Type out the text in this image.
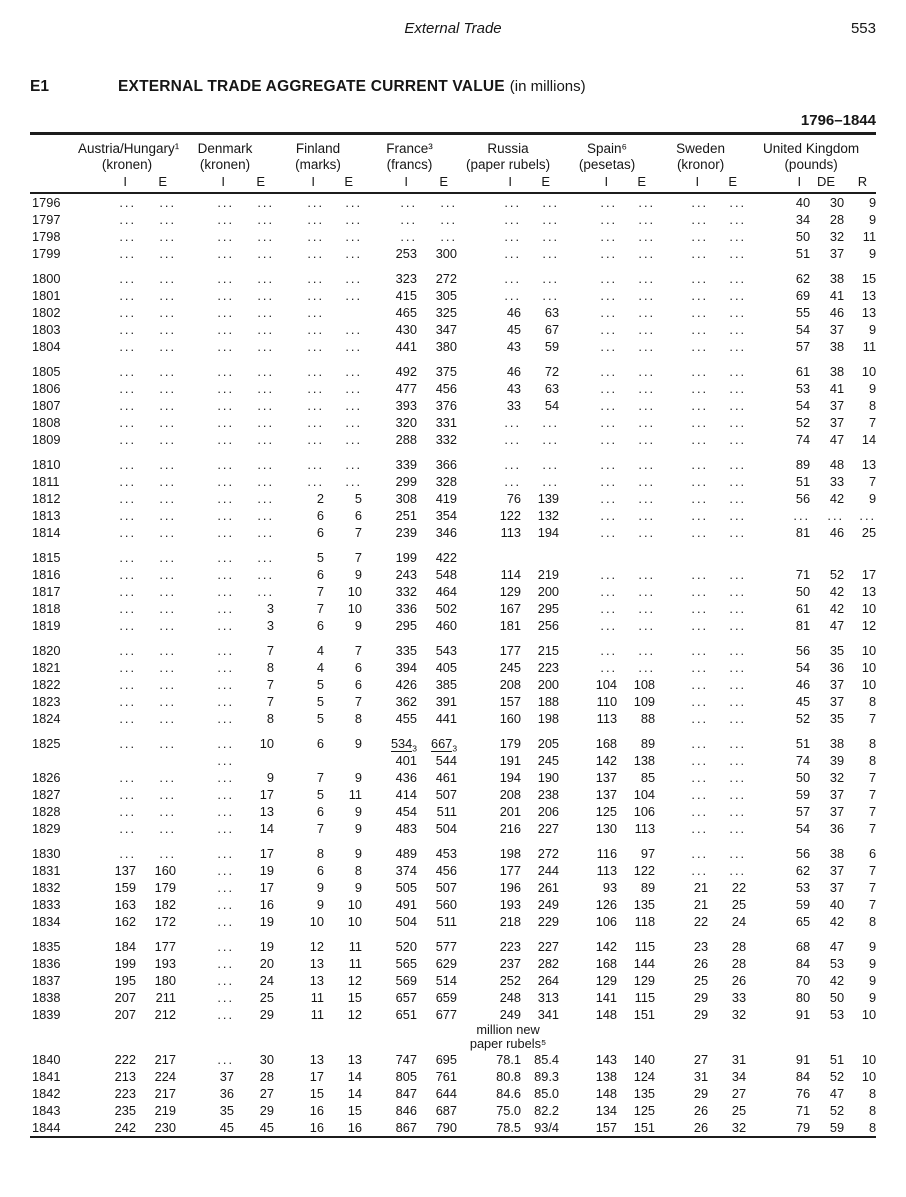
External Trade	553
E1	EXTERNAL TRADE AGGREGATE CURRENT VALUE (in millions)
1796–1844
	Austria/Hungary¹		Denmark		Finland		France³		Russia		Spain⁶		Sweden		United Kingdom		
	(kronen)		(kronen)		(marks)		(francs)		(paper rubels)		(pesetas)		(kronor)		(pounds)		
	I	E	I	E	I	E	I	E	I	E	I	E	I	E	I	DE	R
1796	...	...	...	...	...	...	...	...	...	...	...	...	...	...	40	30	9
1797	...	...	...	...	...	...	...	...	...	...	...	...	...	...	34	28	9
1798	...	...	...	...	...	...	...	...	...	...	...	...	...	...	50	32	11
1799	...	...	...	...	...	...	253	300	...	...	...	...	...	...	51	37	9
1800	...	...	...	...	...	...	323	272	...	...	...	...	...	...	62	38	15
1801	...	...	...	...	...	...	415	305	...	...	...	...	...	...	69	41	13
1802	...	...	...	...	...		465	325	46	63	...	...	...	...	55	46	13
1803	...	...	...	...	...	...	430	347	45	67	...	...	...	...	54	37	9
1804	...	...	...	...	...	...	441	380	43	59	...	...	...	...	57	38	11
1805	...	...	...	...	...	...	492	375	46	72	...	...	...	...	61	38	10
1806	...	...	...	...	...	...	477	456	43	63	...	...	...	...	53	41	9
1807	...	...	...	...	...	...	393	376	33	54	...	...	...	...	54	37	8
1808	...	...	...	...	...	...	320	331	...	...	...	...	...	...	52	37	7
1809	...	...	...	...	...	...	288	332	...	...	...	...	...	...	74	47	14
1810	...	...	...	...	...	...	339	366	...	...	...	...	...	...	89	48	13
1811	...	...	...	...	...	...	299	328	...	...	...	...	...	...	51	33	7
1812	...	...	...	...	2	5	308	419	76	139	...	...	...	...	56	42	9
1813	...	...	...	...	6	6	251	354	122	132	...	...	...	...	...	...	...
1814	...	...	...	...	6	7	239	346	113	194	...	...	...	...	81	46	25
1815	...	...	...	...	5	7	199	422									
1816	...	...	...	...	6	9	243	548	114	219	...	...	...	...	71	52	17
1817	...	...	...	...	7	10	332	464	129	200	...	...	...	...	50	42	13
1818	...	...	...	3	7	10	336	502	167	295	...	...	...	...	61	42	10
1819	...	...	...	3	6	9	295	460	181	256	...	...	...	...	81	47	12
1820	...	...	...	7	4	7	335	543	177	215	...	...	...	...	56	35	10
1821	...	...	...	8	4	6	394	405	245	223	...	...	...	...	54	36	10
1822	...	...	...	7	5	6	426	385	208	200	104	108	...	...	46	37	10
1823	...	...	...	7	5	7	362	391	157	188	110	109	...	...	45	37	8
1824	...	...	...	8	5	8	455	441	160	198	113	88	...	...	52	35	7
1825	...	...	...	10	6	9	$534_3$	$667_3$	179	205	168	89	...	...	51	38	8
			...				401	544	191	245	142	138	...	...	74	39	8
1826	...	...	...	9	7	9	436	461	194	190	137	85	...	...	50	32	7
1827	...	...	...	17	5	11	414	507	208	238	137	104	...	...	59	37	7
1828	...	...	...	13	6	9	454	511	201	206	125	106	...	...	57	37	7
1829	...	...	...	14	7	9	483	504	216	227	130	113	...	...	54	36	7
1830	...	...	...	17	8	9	489	453	198	272	116	97	...	...	56	38	6
1831	137	160	...	19	6	8	374	456	177	244	113	122	...	...	62	37	7
1832	159	179	...	17	9	9	505	507	196	261	93	89	21	22	53	37	7
1833	163	182	...	16	9	10	491	560	193	249	126	135	21	25	59	40	7
1834	162	172	...	19	10	10	504	511	218	229	106	118	22	24	65	42	8
1835	184	177	...	19	12	11	520	577	223	227	142	115	23	28	68	47	9
1836	199	193	...	20	13	11	565	629	237	282	168	144	26	28	84	53	9
1837	195	180	...	24	13	12	569	514	252	264	129	129	25	26	70	42	9
1838	207	211	...	25	11	15	657	659	248	313	141	115	29	33	80	50	9
1839	207	212	...	29	11	12	651	677	249	341	148	151	29	32	91	53	10

									million new
paper rubels⁵								

1840	222	217	...	30	13	13	747	695	78.1	85.4	143	140	27	31	91	51	10
1841	213	224	37	28	17	14	805	761	80.8	89.3	138	124	31	34	84	52	10
1842	223	217	36	27	15	14	847	644	84.6	85.0	148	135	29	27	76	47	8
1843	235	219	35	29	16	15	846	687	75.0	82.2	134	125	26	25	71	52	8
1844	242	230	45	45	16	16	867	790	78.5	93/4	157	151	26	32	79	59	8
